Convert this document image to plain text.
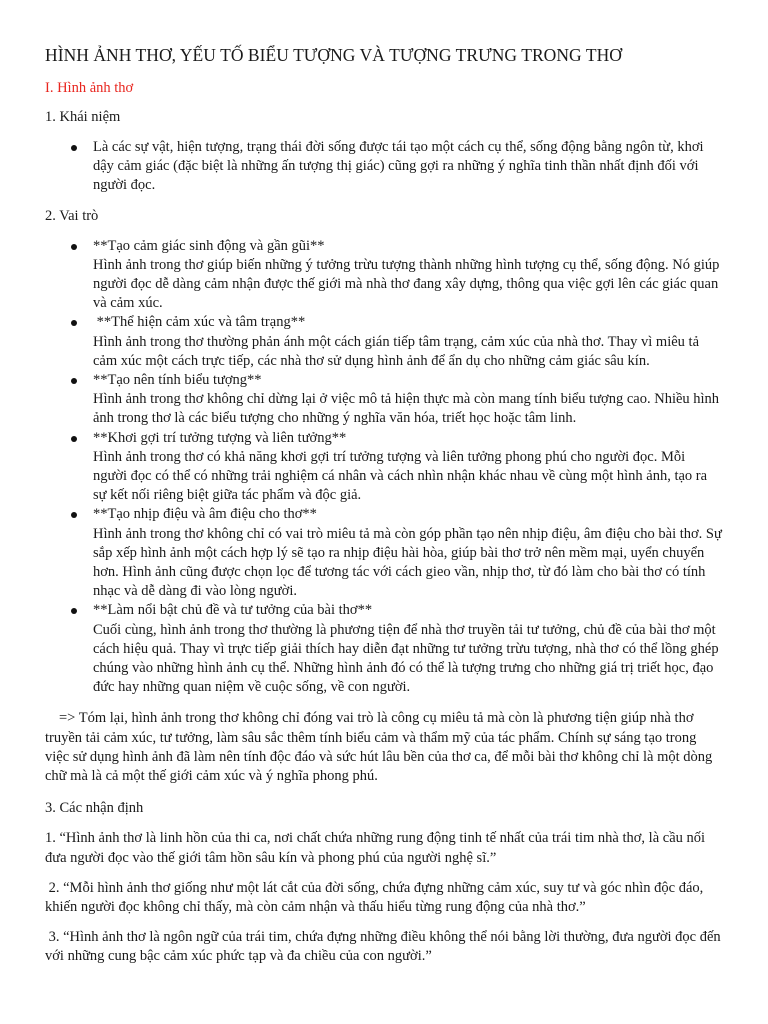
HÌNH ẢNH THƠ, YẾU TỐ BIỂU TƯỢNG VÀ TƯỢNG TRƯNG TRONG THƠ
I. Hình ảnh thơ
1. Khái niệm
Là các sự vật, hiện tượng, trạng thái đời sống được tái tạo một cách cụ thể, sống động bằng ngôn từ, khơi dậy cảm giác (đặc biệt là những ấn tượng thị giác) cũng gợi ra những ý nghĩa tinh thần nhất định đối với người đọc.
2. Vai trò
**Tạo cảm giác sinh động và gần gũi**
Hình ảnh trong thơ giúp biến những ý tưởng trừu tượng thành những hình tượng cụ thể, sống động. Nó giúp người đọc dễ dàng cảm nhận được thế giới mà nhà thơ đang xây dựng, thông qua việc gợi lên các giác quan và cảm xúc.
**Thể hiện cảm xúc và tâm trạng**
Hình ảnh trong thơ thường phản ánh một cách gián tiếp tâm trạng, cảm xúc của nhà thơ. Thay vì miêu tả cảm xúc một cách trực tiếp, các nhà thơ sử dụng hình ảnh để ẩn dụ cho những cảm giác sâu kín.
**Tạo nên tính biểu tượng**
Hình ảnh trong thơ không chỉ dừng lại ở việc mô tả hiện thực mà còn mang tính biểu tượng cao. Nhiều hình ảnh trong thơ là các biểu tượng cho những ý nghĩa văn hóa, triết học hoặc tâm linh.
**Khơi gợi trí tưởng tượng và liên tưởng**
Hình ảnh trong thơ có khả năng khơi gợi trí tưởng tượng và liên tưởng phong phú cho người đọc. Mỗi người đọc có thể có những trải nghiệm cá nhân và cách nhìn nhận khác nhau về cùng một hình ảnh, tạo ra sự kết nối riêng biệt giữa tác phẩm và độc giả.
**Tạo nhịp điệu và âm điệu cho thơ**
Hình ảnh trong thơ không chỉ có vai trò miêu tả mà còn góp phần tạo nên nhịp điệu, âm điệu cho bài thơ. Sự sắp xếp hình ảnh một cách hợp lý sẽ tạo ra nhịp điệu hài hòa, giúp bài thơ trở nên mềm mại, uyển chuyển hơn. Hình ảnh cũng được chọn lọc để tương tác với cách gieo vần, nhịp thơ, từ đó làm cho bài thơ có tính nhạc và dễ dàng đi vào lòng người.
**Làm nổi bật chủ đề và tư tưởng của bài thơ**
Cuối cùng, hình ảnh trong thơ thường là phương tiện để nhà thơ truyền tải tư tưởng, chủ đề của bài thơ một cách hiệu quả. Thay vì trực tiếp giải thích hay diễn đạt những tư tưởng trừu tượng, nhà thơ có thể lồng ghép chúng vào những hình ảnh cụ thể. Những hình ảnh đó có thể là tượng trưng cho những giá trị triết học, đạo đức hay những quan niệm về cuộc sống, về con người.
=> Tóm lại, hình ảnh trong thơ không chỉ đóng vai trò là công cụ miêu tả mà còn là phương tiện giúp nhà thơ truyền tải cảm xúc, tư tưởng, làm sâu sắc thêm tính biểu cảm và thẩm mỹ của tác phẩm. Chính sự sáng tạo trong việc sử dụng hình ảnh đã làm nên tính độc đáo và sức hút lâu bền của thơ ca, để mỗi bài thơ không chỉ là một dòng chữ mà là cả một thế giới cảm xúc và ý nghĩa phong phú.
3. Các nhận định
1. “Hình ảnh thơ là linh hồn của thi ca, nơi chất chứa những rung động tinh tế nhất của trái tim nhà thơ, là cầu nối đưa người đọc vào thế giới tâm hồn sâu kín và phong phú của người nghệ sĩ.”
2. “Mỗi hình ảnh thơ giống như một lát cắt của đời sống, chứa đựng những cảm xúc, suy tư và góc nhìn độc đáo, khiến người đọc không chỉ thấy, mà còn cảm nhận và thấu hiểu từng rung động của nhà thơ.”
3. “Hình ảnh thơ là ngôn ngữ của trái tim, chứa đựng những điều không thể nói bằng lời thường, đưa người đọc đến với những cung bậc cảm xúc phức tạp và đa chiều của con người.”
